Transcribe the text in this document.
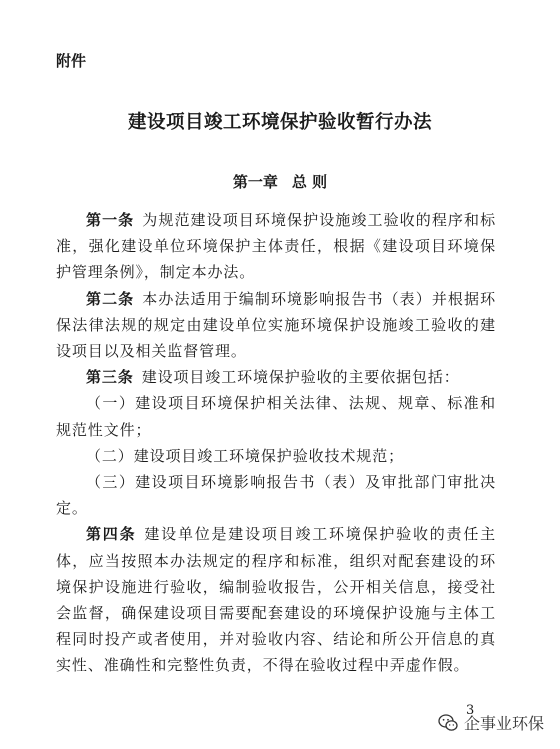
附件
建设项目竣工环境保护验收暂行办法
第一章 总 则

第一条 为规范建设项目环境保护设施竣工验收的程序和标准，强化建设单位环境保护主体责任，根据《建设项目环境保护管理条例》，制定本办法。

第二条 本办法适用于编制环境影响报告书（表）并根据环保法律法规的规定由建设单位实施环境保护设施竣工验收的建设项目以及相关监督管理。

第三条 建设项目竣工环境保护验收的主要依据包括：

（一）建设项目环境保护相关法律、法规、规章、标准和规范性文件；

（二）建设项目竣工环境保护验收技术规范；

（三）建设项目环境影响报告书（表）及审批部门审批决定。

第四条 建设单位是建设项目竣工环境保护验收的责任主体，应当按照本办法规定的程序和标准，组织对配套建设的环境保护设施进行验收，编制验收报告，公开相关信息，接受社会监督，确保建设项目需要配套建设的环境保护设施与主体工程同时投产或者使用，并对验收内容、结论和所公开信息的真实性、准确性和完整性负责，不得在验收过程中弄虚作假。

3
企事业环保
